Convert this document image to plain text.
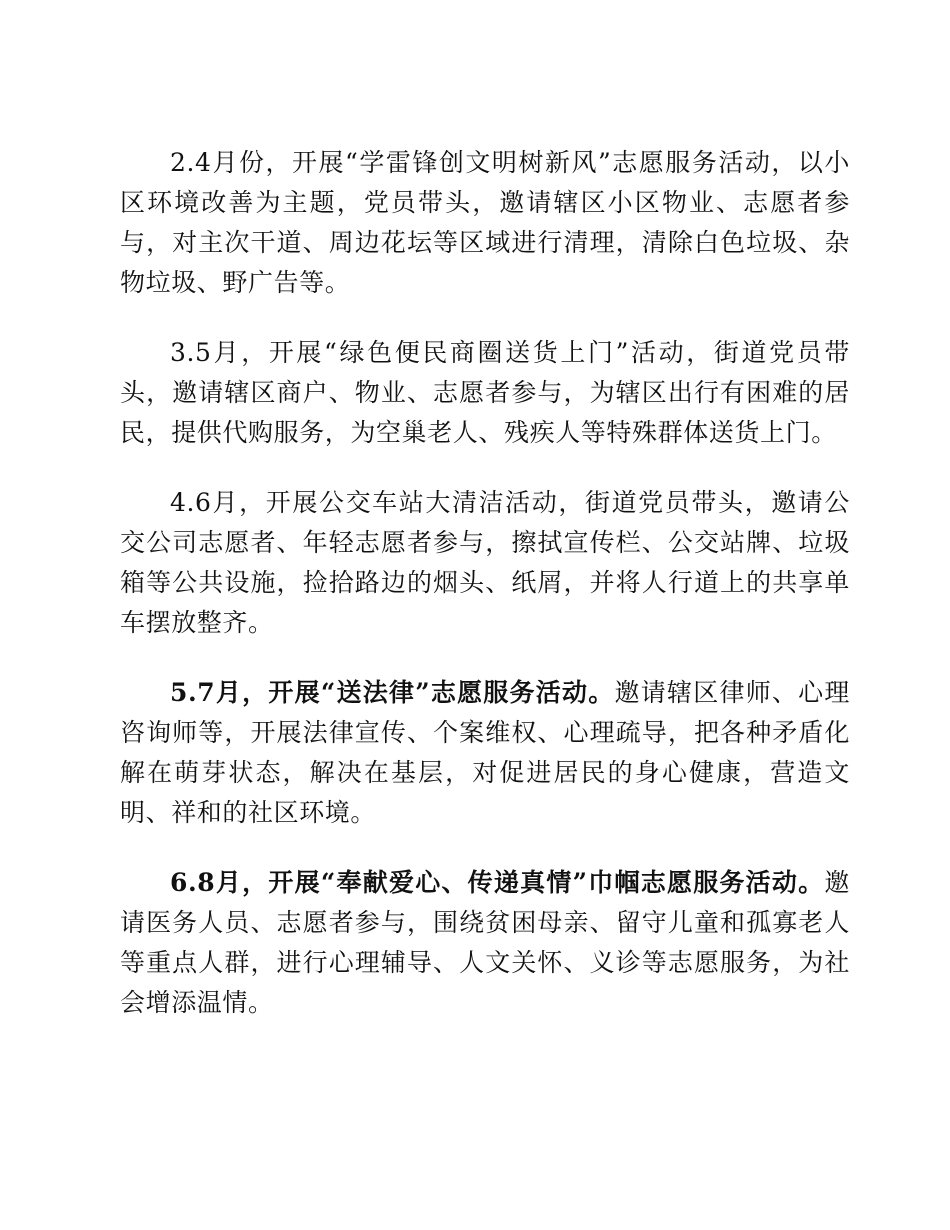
2.4月份，开展“学雷锋创文明树新风”志愿服务活动，以小区环境改善为主题，党员带头，邀请辖区小区物业、志愿者参与，对主次干道、周边花坛等区域进行清理，清除白色垃圾、杂物垃圾、野广告等。

3.5月，开展“绿色便民商圈送货上门”活动，街道党员带头，邀请辖区商户、物业、志愿者参与，为辖区出行有困难的居民，提供代购服务，为空巢老人、残疾人等特殊群体送货上门。

4.6月，开展公交车站大清洁活动，街道党员带头，邀请公交公司志愿者、年轻志愿者参与，擦拭宣传栏、公交站牌、垃圾箱等公共设施，捡拾路边的烟头、纸屑，并将人行道上的共享单车摆放整齐。

5.7月，开展“送法律”志愿服务活动。邀请辖区律师、心理咨询师等，开展法律宣传、个案维权、心理疏导，把各种矛盾化解在萌芽状态，解决在基层，对促进居民的身心健康，营造文明、祥和的社区环境。

6.8月，开展“奉献爱心、传递真情”巾帼志愿服务活动。邀请医务人员、志愿者参与，围绕贫困母亲、留守儿童和孤寡老人等重点人群，进行心理辅导、人文关怀、义诊等志愿服务，为社会增添温情。
